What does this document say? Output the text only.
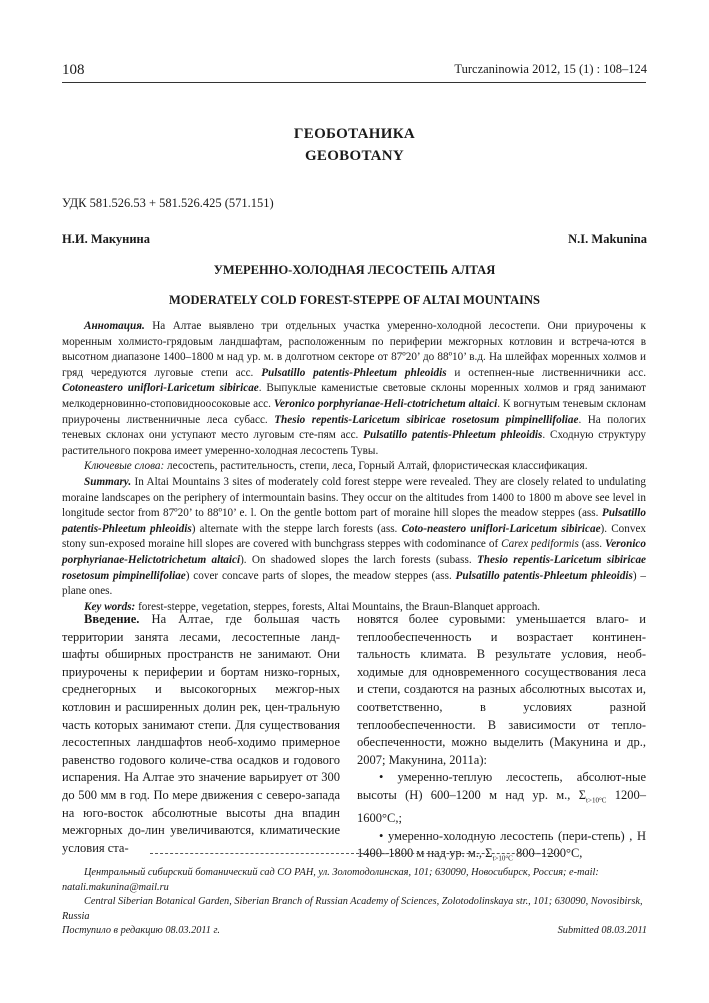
108	Turczaninowia 2012, 15 (1) : 108–124
ГЕОБОТАНИКА
GEOBOTANY
УДК 581.526.53 + 581.526.425 (571.151)
Н.И. Макунина	N.I. Makunina
УМЕРЕННО-ХОЛОДНАЯ ЛЕСОСТЕПЬ АЛТАЯ
MODERATELY COLD FOREST-STEPPE OF ALTAI MOUNTAINS

Аннотация. На Алтае выявлено три отдельных участка умеренно-холодной лесостепи. Они приурочены к моренным холмисто-грядовым ландшафтам, расположенным по периферии межгорных котловин и встреча-ются в высотном диапазоне 1400–1800 м над ур. м. в долготном секторе от 87º20’ до 88º10’ в.д. На шлейфах моренных холмов и гряд чередуются луговые степи асс. Pulsatillo patentis-Phleetum phleoidis и остепнен-ные лиственничники асс. Cotoneastero uniflori-Laricetum sibiricae. Выпуклые каменистые световые склоны моренных холмов и гряд занимают мелкодерновинно-стоповидноосоковые асс. Veronico porphyrianae-Heli-ctotrichetum altaici. К вогнутым теневым склонам приурочены лиственничные леса субасс. Thesio repentis-Laricetum sibiricae rosetosum pimpinellifoliae. На пологих теневых склонах они уступают место луговым сте-пям асс. Pulsatillo patentis-Phleetum phleoidis. Сходную структуру растительного покрова имеет умеренно-холодная лесостепь Тувы.

Ключевые слова: лесостепь, растительность, степи, леса, Горный Алтай, флористическая классификация.

Summary. In Altai Mountains 3 sites of moderately cold forest steppe were revealed. They are closely related to undulating moraine landscapes on the periphery of intermountain basins. They occur on the altitudes from 1400 to 1800 m above see level in longitude sector from 87º20’ to 88º10’ e. l. On the gentle bottom part of moraine hill slopes the meadow steppes (ass. Pulsatillo patentis-Phleetum phleoidis) alternate with the steppe larch forests (ass. Coto-neastero uniflori-Laricetum sibiricae). Convex stony sun-exposed moraine hill slopes are covered with bunchgrass steppes with codominance of Carex pediformis (ass. Veronico porphyrianae-Helictotrichetum altaici). On shadowed slopes the larch forests (subass. Thesio repentis-Laricetum sibiricae rosetosum pimpinellifoliae) cover concave parts of slopes, the meadow steppes (ass. Pulsatillo patentis-Phleetum phleoidis) – plane ones.

Key words: forest-steppe, vegetation, steppes, forests, Altai Mountains, the Braun-Blanquet approach.

Введение. На Алтае, где большая часть территории занята лесами, лесостепные ланд-шафты обширных пространств не занимают. Они приурочены к периферии и бортам низко-горных, среднегорных и высокогорных межгор-ных котловин и расширенных долин рек, цен-тральную часть которых занимают степи. Для существования лесостепных ландшафтов необ-ходимо примерное равенство годового количе-ства осадков и годового испарения. На Алтае это значение варьирует от 300 до 500 мм в год. По мере движения с северо-запада на юго-восток абсолютные высоты дна впадин межгорных до-лин увеличиваются, климатические условия ста-

новятся более суровыми: уменьшается влаго- и теплообеспеченность и возрастает континен-тальность климата. В результате условия, необ-ходимые для одновременного сосуществования леса и степи, создаются на разных абсолютных высотах и, соответственно, в условиях разной теплообеспеченности. В зависимости от тепло-обеспеченности, можно выделить (Макунина и др., 2007; Макунина, 2011а):

• умеренно-теплую лесостепь, абсолют-ные высоты (H) 600–1200 м над ур. м., $\Sigma_{t>10^\circ C}$ 1200–1600°С,;

• умеренно-холодную лесостепь (пери-степь) , H 1400–1800 м над ур. м., $\Sigma_{t>10^\circ C}$ 800–1200°С,

Центральный сибирский ботанический сад СО РАН, ул. Золотодолинская, 101; 630090, Новосибирск, Россия; e-mail: natali.makunina@mail.ru

Central Siberian Botanical Garden, Siberian Branch of Russian Academy of Sciences, Zolotodolinskaya str., 101; 630090, Novosibirsk, Russia

Поступило в редакцию 08.03.2011 г.	Submitted 08.03.2011
